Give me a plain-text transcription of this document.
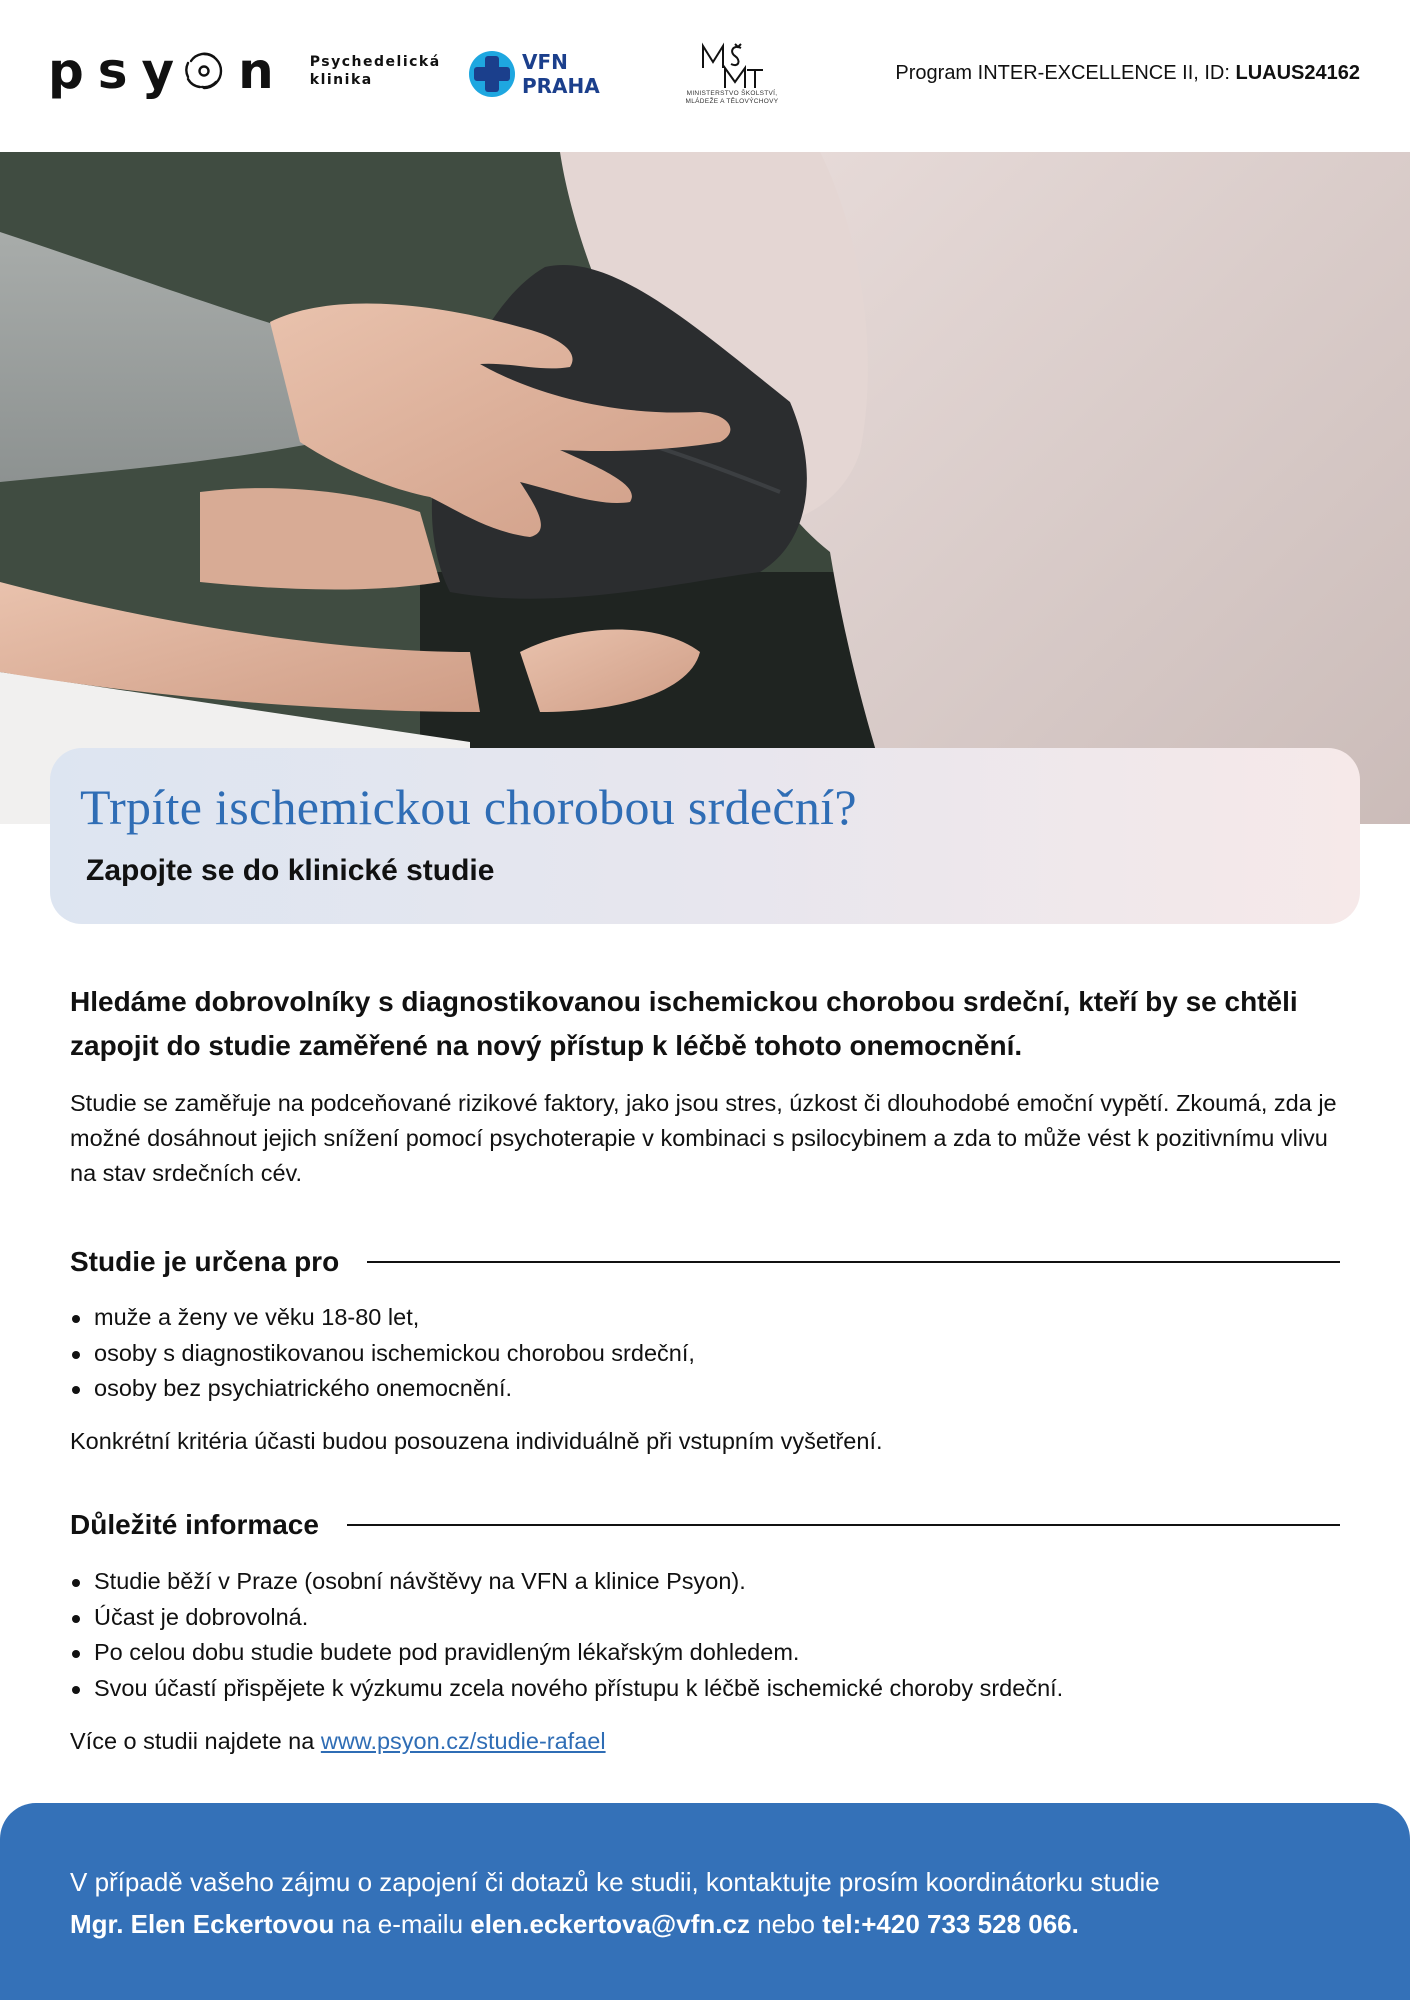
psy n Psychedelická
klinika
VFN
PRAHA	MINISTERSTVO ŠKOLSTVÍ,
MLÁDEŽE A TĚLOVÝCHOVY
Program INTER-EXCELLENCE II, ID: LUAUS24162
Trpíte ischemickou chorobou srdeční?
Zapojte se do klinické studie
Hledáme dobrovolníky s diagnostikovanou ischemickou chorobou srdeční, kteří by se chtěli zapojit do studie zaměřené na nový přístup k léčbě tohoto onemocnění.
Studie se zaměřuje na podceňované rizikové faktory, jako jsou stres, úzkost či dlouhodobé emoční vypětí. Zkoumá, zda je možné dosáhnout jejich snížení pomocí psychoterapie v kombinaci s psilocybinem a zda to může vést k pozitivnímu vlivu na stav srdečních cév.
Studie je určena pro
muže a ženy ve věku 18-80 let,
osoby s diagnostikovanou ischemickou chorobou srdeční,
osoby bez psychiatrického onemocnění.
Konkrétní kritéria účasti budou posouzena individuálně při vstupním vyšetření.
Důležité informace
Studie běží v Praze (osobní návštěvy na VFN a klinice Psyon).
Účast je dobrovolná.
Po celou dobu studie budete pod pravidleným lékařským dohledem.
Svou účastí přispějete k výzkumu zcela nového přístupu k léčbě ischemické choroby srdeční.
Více o studii najdete na www.psyon.cz/studie-rafael
V případě vašeho zájmu o zapojení či dotazů ke studii, kontaktujte prosím koordinátorku studie
Mgr. Elen Eckertovou na e-mailu elen.eckertova@vfn.cz nebo tel:+420 733 528 066.
